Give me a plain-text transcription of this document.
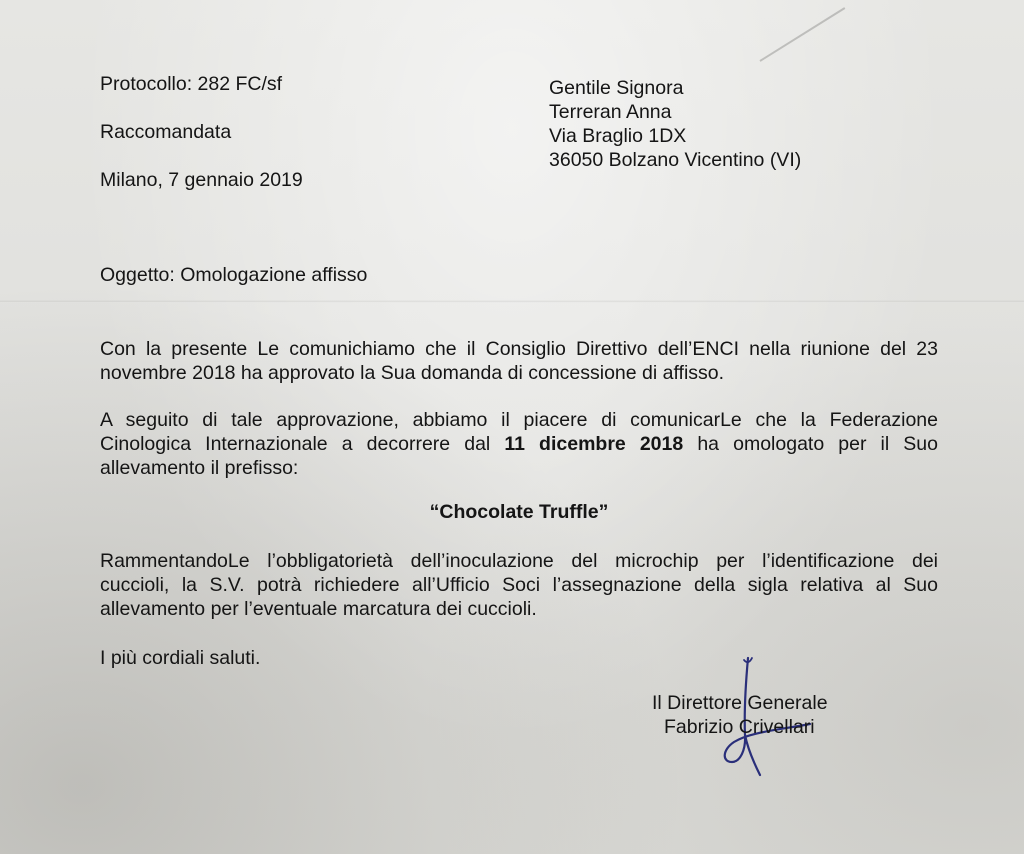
Protocollo: 282 FC/sf

Raccomandata

Milano, 7 gennaio 2019

Gentile Signora

Terreran Anna

Via Braglio 1DX

36050 Bolzano Vicentino (VI)

Oggetto: Omologazione affisso

Con la presente Le comunichiamo che il Consiglio Direttivo dell’ENCI nella riunione del 23
novembre 2018 ha approvato la Sua domanda di concessione di affisso.
A seguito di tale approvazione, abbiamo il piacere di comunicarLe che la Federazione
Cinologica Internazionale a decorrere dal 11 dicembre 2018 ha omologato per il Suo
allevamento il prefisso:

“Chocolate Truffle”

RammentandoLe l’obbligatorietà dell’inoculazione del microchip per l’identificazione dei
cuccioli, la S.V. potrà richiedere all’Ufficio Soci l’assegnazione della sigla relativa al Suo
allevamento per l’eventuale marcatura dei cuccioli.

I più cordiali saluti.

Il Direttore Generale

Fabrizio Crivellari
